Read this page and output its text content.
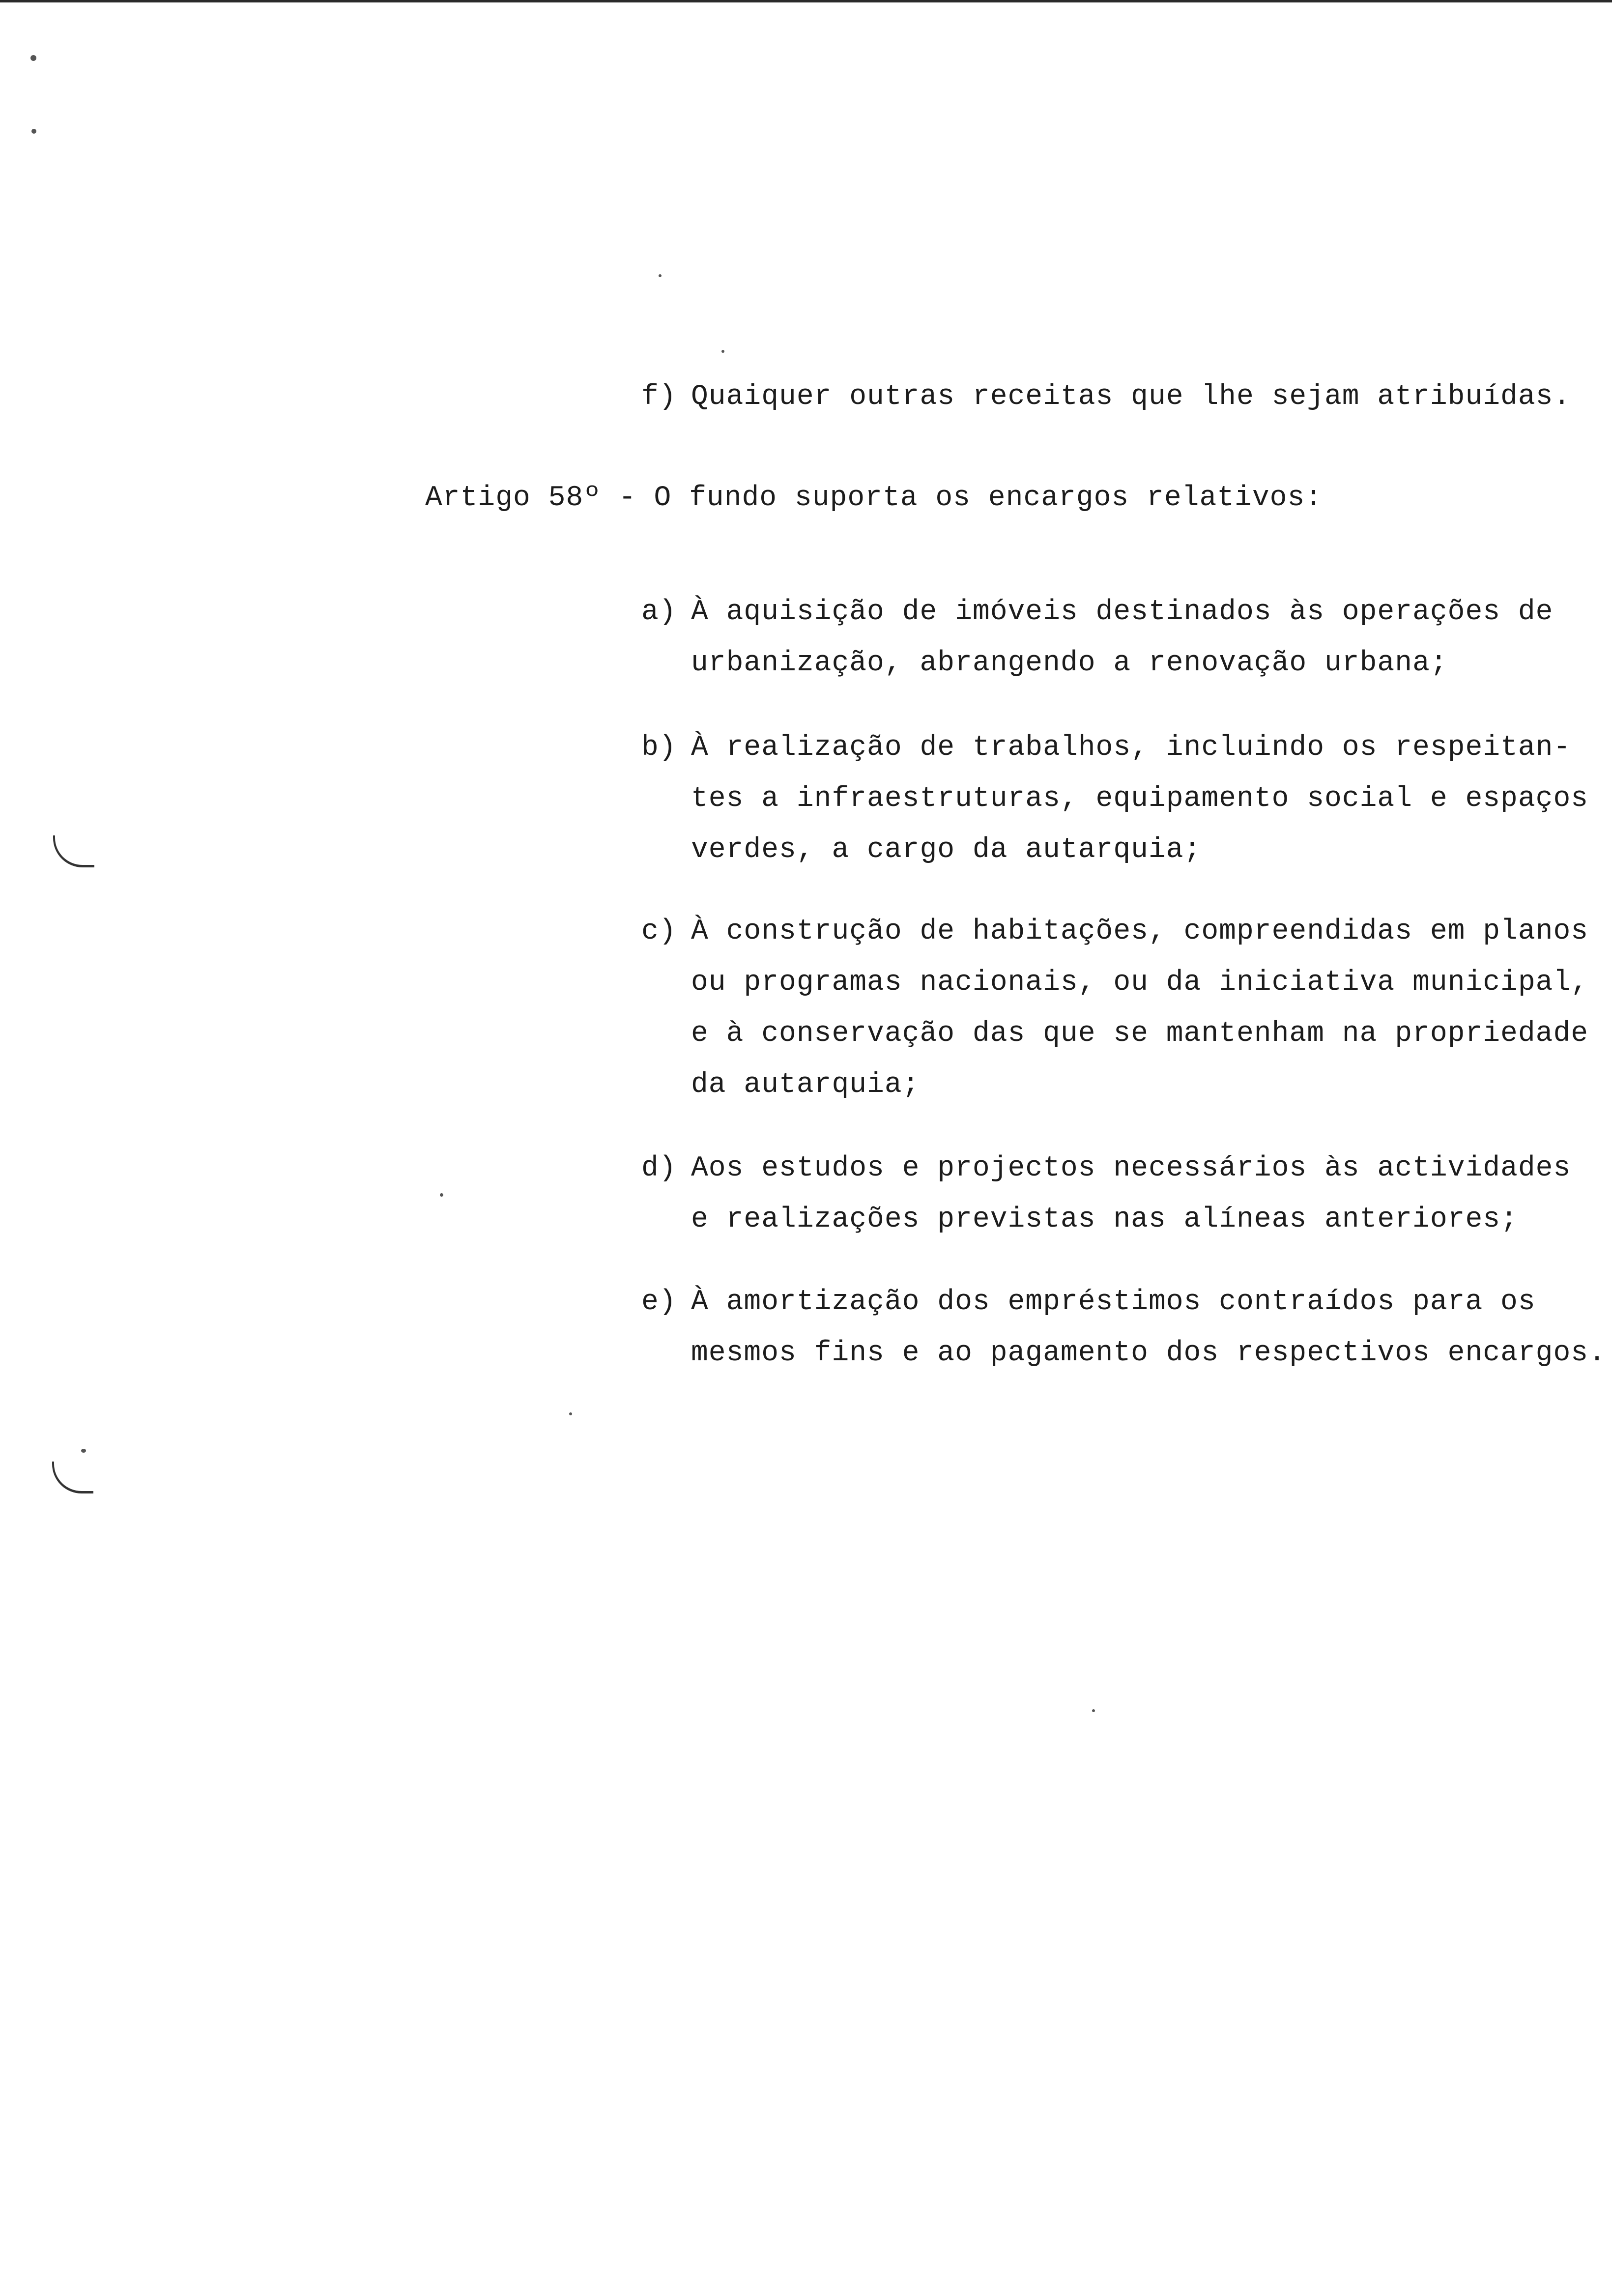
f) Quaiquer outras receitas que lhe sejam atribuídas.
Artigo 58º - O fundo suporta os encargos relativos:
a) À aquisição de imóveis destinados às operações de
urbanização, abrangendo a renovação urbana;
b) À realização de trabalhos, incluindo os respeitan-
tes a infraestruturas, equipamento social e espaços
verdes, a cargo da autarquia;
c) À construção de habitações, compreendidas em planos
ou programas nacionais, ou da iniciativa municipal,
e à conservação das que se mantenham na propriedade
da autarquia;
d) Aos estudos e projectos necessários às actividades
e realizações previstas nas alíneas anteriores;
e) À amortização dos empréstimos contraídos para os
mesmos fins e ao pagamento dos respectivos encargos.
